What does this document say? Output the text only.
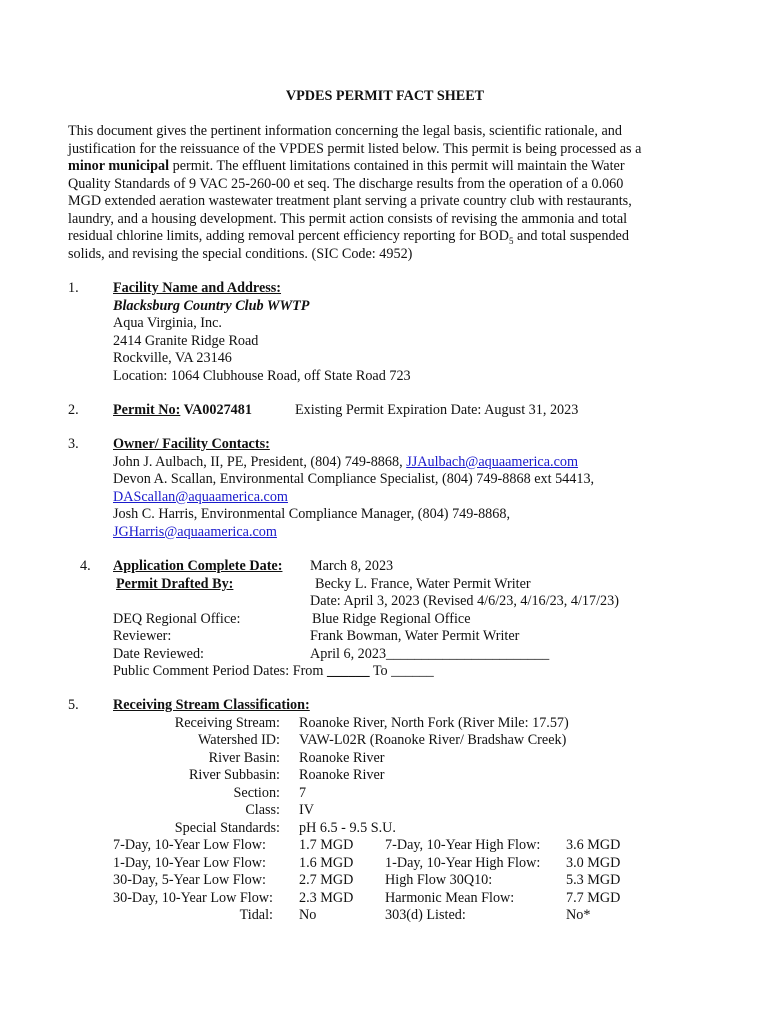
VPDES PERMIT FACT SHEET
This document gives the pertinent information concerning the legal basis, scientific rationale, and
justification for the reissuance of the VPDES permit listed below. This permit is being processed as a
minor municipal permit. The effluent limitations contained in this permit will maintain the Water
Quality Standards of 9 VAC 25-260-00 et seq. The discharge results from the operation of a 0.060
MGD extended aeration wastewater treatment plant serving a private country club with restaurants,
laundry, and a housing development. This permit action consists of revising the ammonia and total
residual chlorine limits, adding removal percent efficiency reporting for $BOD_5$ and total suspended
solids, and revising the special conditions. (SIC Code: 4952)
1. Facility Name and Address:
Blacksburg Country Club WWTP
Aqua Virginia, Inc.
2414 Granite Ridge Road
Rockville, VA 23146
Location: 1064 Clubhouse Road, off State Road 723
2. Permit No: VA0027481	Existing Permit Expiration Date: August 31, 2023
3. Owner/ Facility Contacts:
John J. Aulbach, II, PE, President, (804) 749-8868, JJAulbach@aquaamerica.com
Devon A. Scallan, Environmental Compliance Specialist, (804) 749-8868 ext 54413,
DAScallan@aquaamerica.com
Josh C. Harris, Environmental Compliance Manager, (804) 749-8868,
JGHarris@aquaamerica.com
4. Application Complete Date: March 8, 2023
Permit Drafted By:	Becky L. France, Water Permit Writer
Date: April 3, 2023 (Revised 4/6/23, 4/16/23, 4/17/23)
DEQ Regional Office:	Blue Ridge Regional Office
Reviewer:	Frank Bowman, Water Permit Writer
Date Reviewed:	April 6, 2023_______________________
Public Comment Period Dates: From ______ To ______
5. Receiving Stream Classification:
Receiving Stream: Roanoke River, North Fork (River Mile: 17.57)
Watershed ID: VAW-L02R (Roanoke River/ Bradshaw Creek)
River Basin: Roanoke River
River Subbasin:	Roanoke River
Section: 7
Class: IV
Special Standards: pH 6.5 - 9.5 S.U.
7-Day, 10-Year Low Flow: 1.7 MGD 7-Day, 10-Year High Flow: 3.6 MGD
1-Day, 10-Year Low Flow: 1.6 MGD 1-Day, 10-Year High Flow: 3.0 MGD
30-Day, 5-Year Low Flow: 2.7 MGD High Flow 30Q10:	5.3 MGD
30-Day, 10-Year Low Flow: 2.3 MGD Harmonic Mean Flow:	7.7 MGD
Tidal: No	303(d) Listed:	No*
